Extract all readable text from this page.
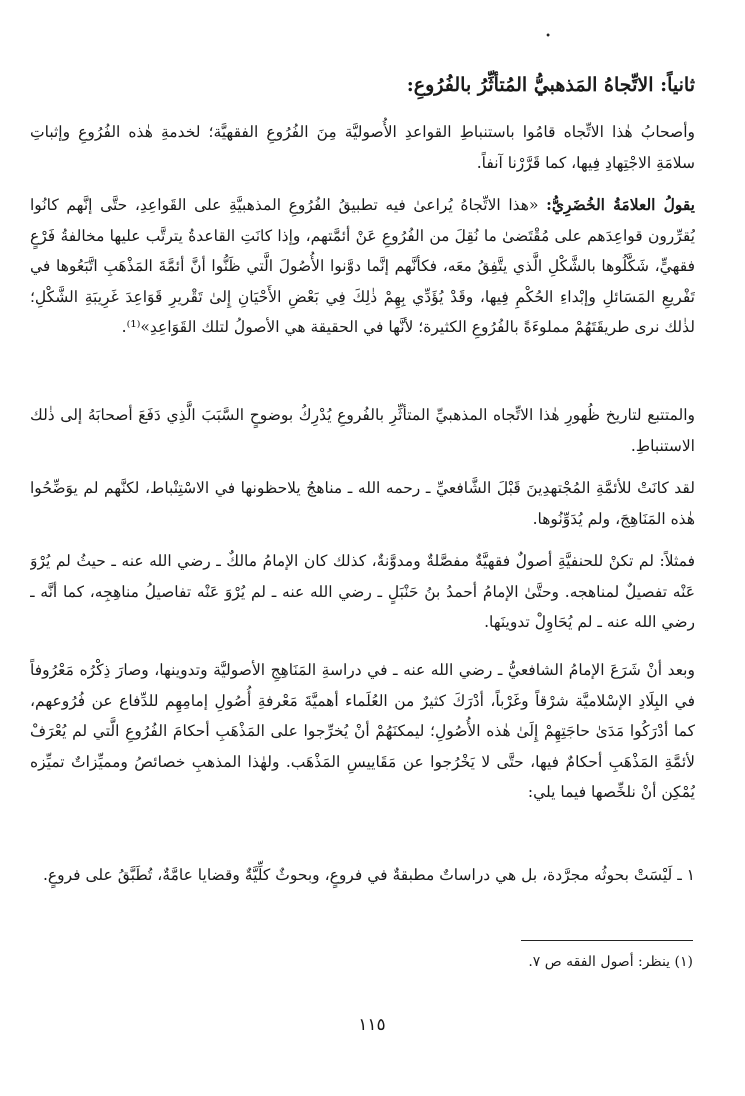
•
ثانياً: الاتِّجاهُ المَذهبيُّ المُتأثِّرُ بالفُرُوعِ:
وأصحابُ هٰذا الاتِّجاه قامُوا باستنباطِ القواعدِ الأُصوليَّة مِنَ الفُرُوعِ الفقهيَّة؛ لخدمةِ هٰذه الفُرُوعِ وإثباتِ سلامَةِ الاجْتِهادِ فِيها، كما قَرَّرْنا آنفاً.
يقولُ العلامَةُ الخُضَرِيُّ: «هذا الاتِّجاهُ يُراعىٰ فيه تطبيقُ الفُرُوعِ المذهبيَّةِ على القَواعِدِ، حتَّى إنَّهم كانُوا يُقرِّرون قواعِدَهم على مُقْتَضىٰ ما نُقِلَ من الفُرُوعِ عَنْ أئمَّتهم، وإذا كانَتِ القاعدةُ يترتَّب عليها مخالفةُ فَرْعٍ فقهيٍّ، شَكَّلُوها بالشَّكْلِ الَّذي يتَّفِقُ معَه، فكأنَّهم إنَّما دوَّنوا الأُصُولَ الَّتي ظَنُّوا أنَّ أئمَّةَ المَذْهَبِ اتَّبَعُوها في تَفْريعِ المَسَائلِ وإبْداءِ الحُكْمِ فِيها، وقَدْ يُؤَدِّي بِهِمْ ذٰلِكَ فِي بَعْضِ الأَحْيَانِ إِلىٰ تَقْريرِ قَوَاعِدَ غَرِيبَةِ الشَّكْلِ؛ لذٰلك نرى طريقَتَهُمْ مملوءَةً بالفُرُوعِ الكثيرة؛ لأنَّها في الحقيقة هي الأصولُ لتلك القَوَاعِدِ»⁽¹⁾.
والمتتبع لتاريخ ظُهورِ هٰذا الاتِّجاه المذهبيِّ المتأثِّرِ بالفُروعِ يُدْرِكُ بوضوحٍ السَّبَبَ الَّذِي دَفَعَ أصحابَهُ إلى ذٰلك الاستنباطِ.
لقد كانَتْ للأئمَّةِ المُجْتهدِينَ قَبْلَ الشَّافعيِّ ـ رحمه الله ـ مناهجُ يلاحظونها في الاسْتِنْباط، لكنَّهم لم يوَضِّحُوا هٰذه المَنَاهِجَ، ولم يُدَوِّنُوها.
فمثلاً: لم تكنْ للحنفيَّةِ أصولٌ فقهيَّةٌ مفصَّلةٌ ومدوَّنةٌ، كذلك كان الإمامُ مالكٌ ـ رضي الله عنه ـ حيثُ لم يُرْوَ عَنْه تفصيلٌ لمناهجه. وحتَّىٰ الإمامُ أحمدُ بنُ حَنْبَلٍ ـ رضي الله عنه ـ لم يُرْوَ عَنْه تفاصيلُ مناهِجِه، كما أنَّه ـ رضي الله عنه ـ لم يُحَاوِلْ تدوينَها.
وبعد أنْ شَرَعَ الإمامُ الشافعيُّ ـ رضي الله عنه ـ في دراسةِ المَنَاهِجِ الأصوليَّة وتدوينها، وصارَ ذِكْرُه مَعْرُوفاً في البِلَادِ الإسْلاميَّة شرْقاً وغَرْباً، أدْرَكَ كثيرٌ من العُلَماء أهميَّةَ مَعْرفةِ أُصُولِ إمامِهِم للدِّفاع عن فُرُوعهم، كما أدْرَكُوا مَدَىٰ حاجَتِهِمْ إِلَىٰ هٰذه الأُصُولِ؛ ليمكنَهُمْ أنْ يُخرِّجوا على المَذْهَبِ أحكامَ الفُرُوعِ الَّتي لم يُعْرَفْ لأئمَّةِ المَذْهَبِ أحكامٌ فيها، حتَّى لا يَخْرُجوا عن مَقَاييسِ المَذْهَب. ولهٰذا المذهبِ خصائصُ ومميِّزاتٌ تميِّزه يُمْكِن أنْ نلخِّصها فيما يلي:
١ ـ لَيْسَتْ بحوثُه مجرَّدة، بل هي دراساتٌ مطبقةٌ في فروعٍ، وبحوثٌ كلِّيَّةٌ وقضايا عامَّةٌ، تُطَبَّقُ على فروعٍ.
(١) ينظر: أصول الفقه ص ٧.
١١٥
